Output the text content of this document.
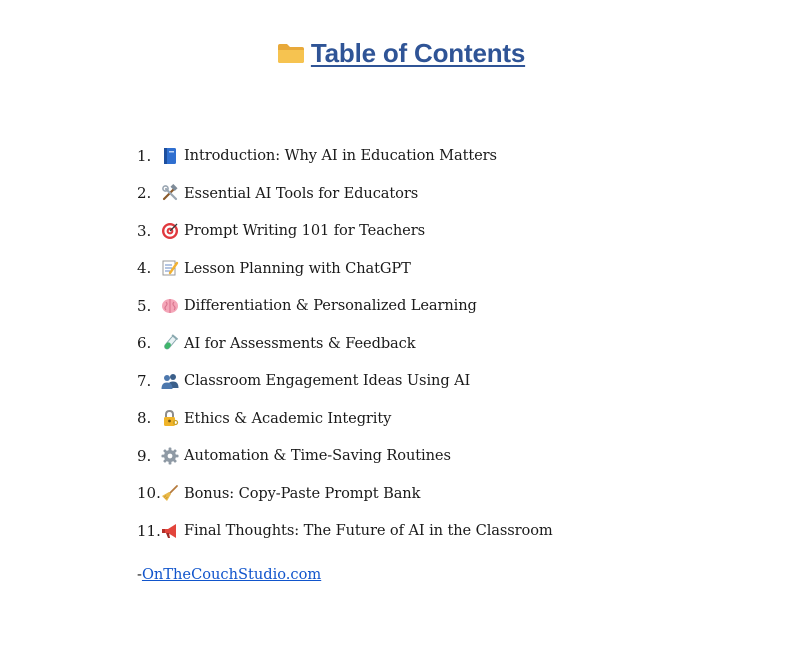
Table of Contents
1.	Introduction: Why AI in Education Matters
2.	Essential AI Tools for Educators
3.	Prompt Writing 101 for Teachers
4.	Lesson Planning with ChatGPT
5.	Differentiation & Personalized Learning
6.	AI for Assessments & Feedback
7.	Classroom Engagement Ideas Using AI
8.	Ethics & Academic Integrity
9.	Automation & Time-Saving Routines
10. Bonus: Copy-Paste Prompt Bank
11. Final Thoughts: The Future of AI in the Classroom
-OnTheCouchStudio.com
